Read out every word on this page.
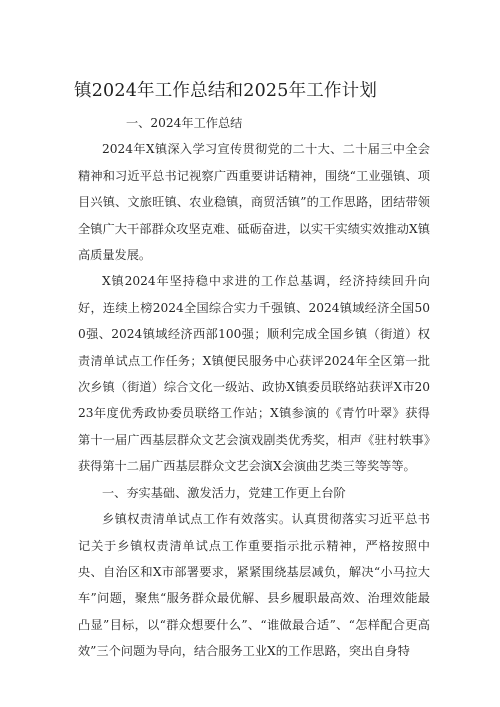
镇2024年工作总结和2025年工作计划

一、2024年工作总结

2024年X镇深入学习宣传贯彻党的二十大、二十届三中全会精神和习近平总书记视察广西重要讲话精神，围绕“工业强镇、项目兴镇、文旅旺镇、农业稳镇，商贸活镇”的工作思路，团结带领全镇广大干部群众攻坚克难、砥砺奋进，以实干实绩实效推动X镇高质量发展。

X镇2024年坚持稳中求进的工作总基调，经济持续回升向好，连续上榜2024全国综合实力千强镇、2024镇域经济全国500强、2024镇域经济西部100强；顺利完成全国乡镇（街道）权责清单试点工作任务；X镇便民服务中心获评2024年全区第一批次乡镇（街道）综合文化一级站、政协X镇委员联络站获评X市2023年度优秀政协委员联络工作站；X镇参演的《青竹叶翠》获得第十一届广西基层群众文艺会演戏剧类优秀奖，相声《驻村轶事》获得第十二届广西基层群众文艺会演X会演曲艺类三等奖等等。

一、夯实基础、激发活力，党建工作更上台阶

乡镇权责清单试点工作有效落实。认真贯彻落实习近平总书记关于乡镇权责清单试点工作重要指示批示精神，严格按照中央、自治区和X市部署要求，紧紧围绕基层减负，解决“小马拉大车”问题，聚焦“服务群众最优解、县乡履职最高效、治理效能最凸显”目标，以“群众想要什么”、“谁做最合适”、“怎样配合更高效”三个问题为导向，结合服务工业X的工作思路，突出自身特
